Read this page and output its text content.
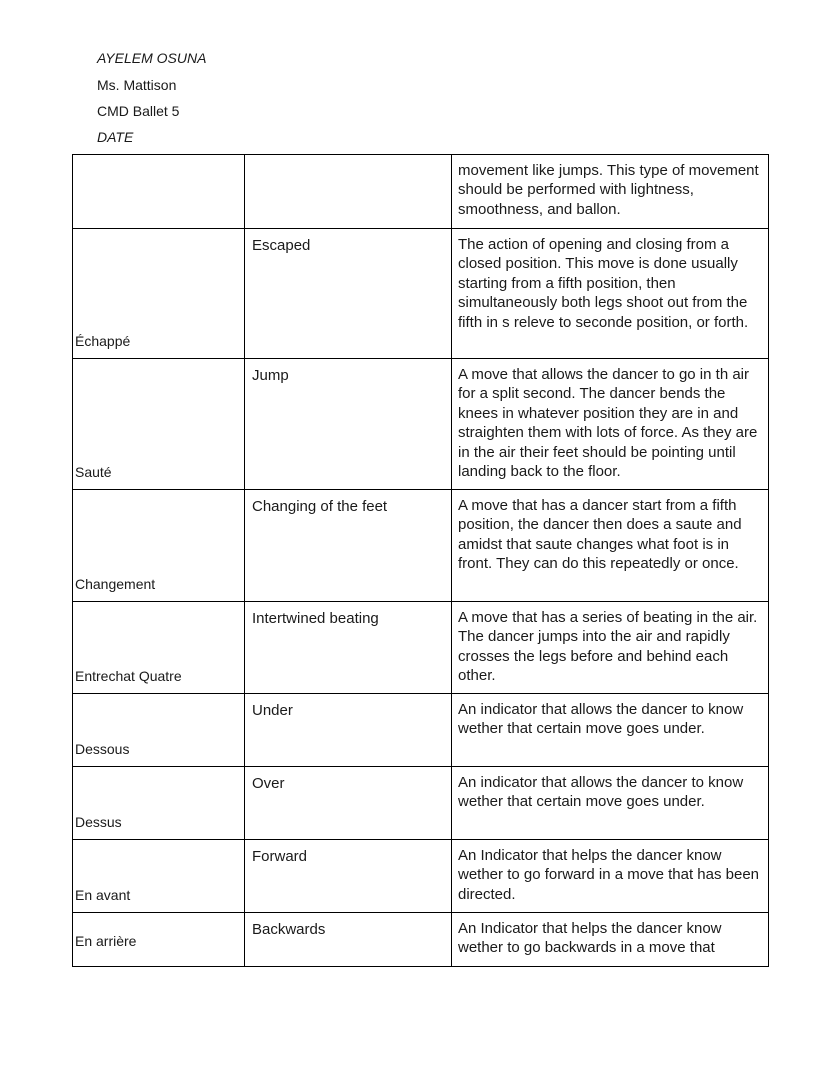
AYELEM OSUNA
Ms. Mattison
CMD Ballet 5
DATE
		movement like jumps. This type of movement should be performed with lightness, smoothness, and ballon.
Échappé	Escaped	The action of opening and closing from a closed position. This move is done usually starting from a fifth position, then simultaneously both legs shoot out from the fifth in s releve to seconde position, or forth.
Sauté	Jump	A move that allows the dancer to go in th air for a split second. The dancer bends the knees in whatever position they are in and straighten them with lots of force. As they are in the air their feet should be pointing until landing back to the floor.
Changement	Changing of the feet	A move that has a dancer start from a fifth position, the dancer then does a saute and amidst that saute changes what foot is in front. They can do this repeatedly or once.
Entrechat Quatre	Intertwined beating	A move that has a series of beating in the air. The dancer jumps into the air and rapidly crosses the legs before and behind each other.
Dessous	Under	An indicator that allows the dancer to know wether that certain move goes under.
Dessus	Over	An indicator that allows the dancer to know wether that certain move goes under.
En avant	Forward	An Indicator that helps the dancer know wether to go forward in a move that has been directed.
En arrière	Backwards	An Indicator that helps the dancer know wether to go backwards in a move that
